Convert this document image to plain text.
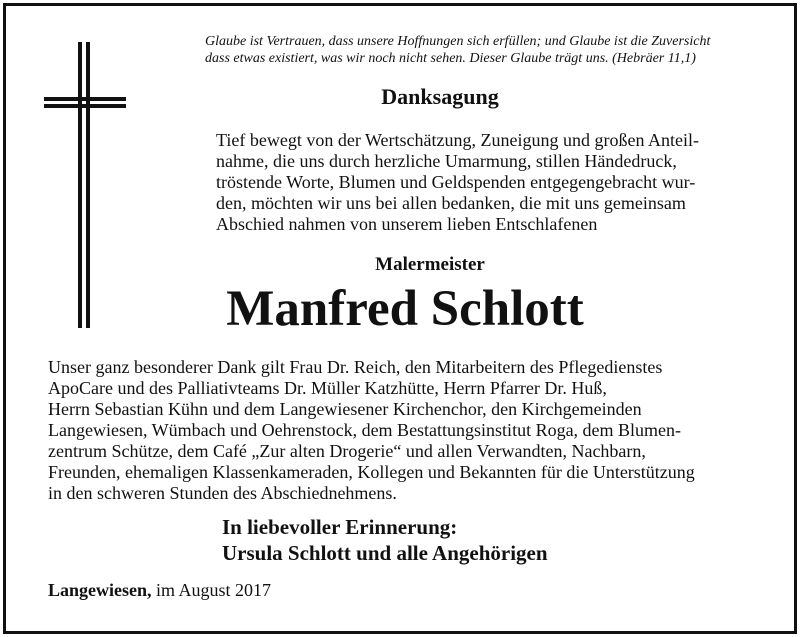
Glaube ist Vertrauen, dass unsere Hoffnungen sich erfüllen; und Glaube ist die Zuversicht
dass etwas existiert, was wir noch nicht sehen. Dieser Glaube trägt uns. (Hebräer 11,1)
Danksagung
Tief bewegt von der Wertschätzung, Zuneigung und großen Anteil-
nahme, die uns durch herzliche Umarmung, stillen Händedruck,
tröstende Worte, Blumen und Geldspenden entgegengebracht wur-
den, möchten wir uns bei allen bedanken, die mit uns gemeinsam
Abschied nahmen von unserem lieben Entschlafenen
Malermeister
Manfred Schlott
Unser ganz besonderer Dank gilt Frau Dr. Reich, den Mitarbeitern des Pflegedienstes
ApoCare und des Palliativteams Dr. Müller Katzhütte, Herrn Pfarrer Dr. Huß,
Herrn Sebastian Kühn und dem Langewiesener Kirchenchor, den Kirchgemeinden
Langewiesen, Wümbach und Oehrenstock, dem Bestattungsinstitut Roga, dem Blumen-
zentrum Schütze, dem Café „Zur alten Drogerie“ und allen Verwandten, Nachbarn,
Freunden, ehemaligen Klassenkameraden, Kollegen und Bekannten für die Unterstützung
in den schweren Stunden des Abschiednehmens.
In liebevoller Erinnerung:
Ursula Schlott und alle Angehörigen
Langewiesen, im August 2017
